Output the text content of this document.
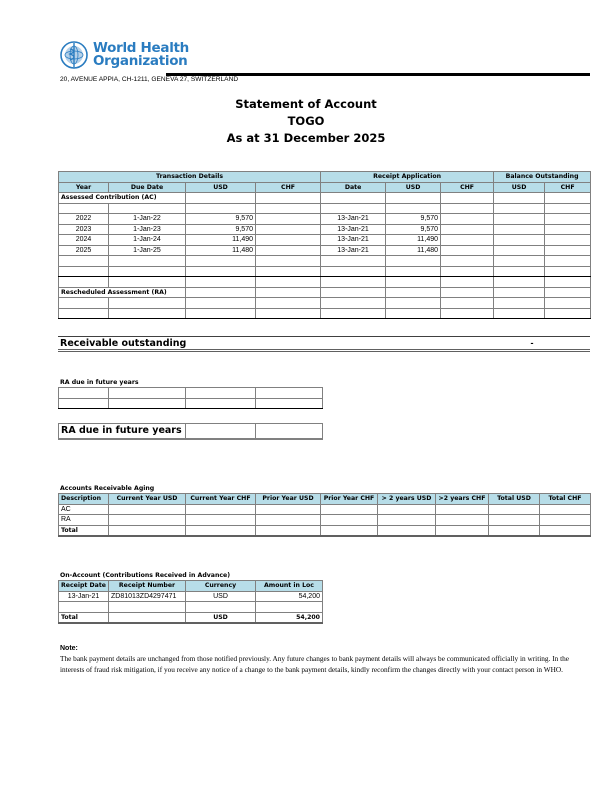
World Health
Organization
20, AVENUE APPIA, CH-1211, GENEVA 27, SWITZERLAND
Statement of Account
TOGO
As at 31 December 2025
Transaction Details				Receipt Application			Balance Outstanding	
Year	Due Date	USD	CHF	Date	USD	CHF	USD	CHF
Assessed Contribution (AC)								

2022	1-Jan-22	9,570		13-Jan-21	9,570			
2023	1-Jan-23	9,570		13-Jan-21	9,570			
2024	1-Jan-24	11,490		13-Jan-21	11,490			
2025	1-Jan-25	11,480		13-Jan-21	11,480			

Rescheduled Assessment (RA)								

Receivable outstanding	-
RA due in future years

RA due in future years		
Accounts Receivable Aging
Description	Current Year USD	Current Year CHF	Prior Year USD	Prior Year CHF	> 2 years USD	>2 years CHF	Total USD	Total CHF
AC								
RA								
Total								
On-Account (Contributions Received in Advance)
Receipt Date	Receipt Number	Currency	Amount in Loc
13-Jan-21	ZD81013ZD4297471	USD	54,200

Total		USD	54,200
Note:
The bank payment details are unchanged from those notified previously. Any future changes to bank payment details will always be communicated officially in writing. In the interests of fraud risk mitigation, if you receive any notice of a change to the bank payment details, kindly reconfirm the changes directly with your contact person in WHO.
